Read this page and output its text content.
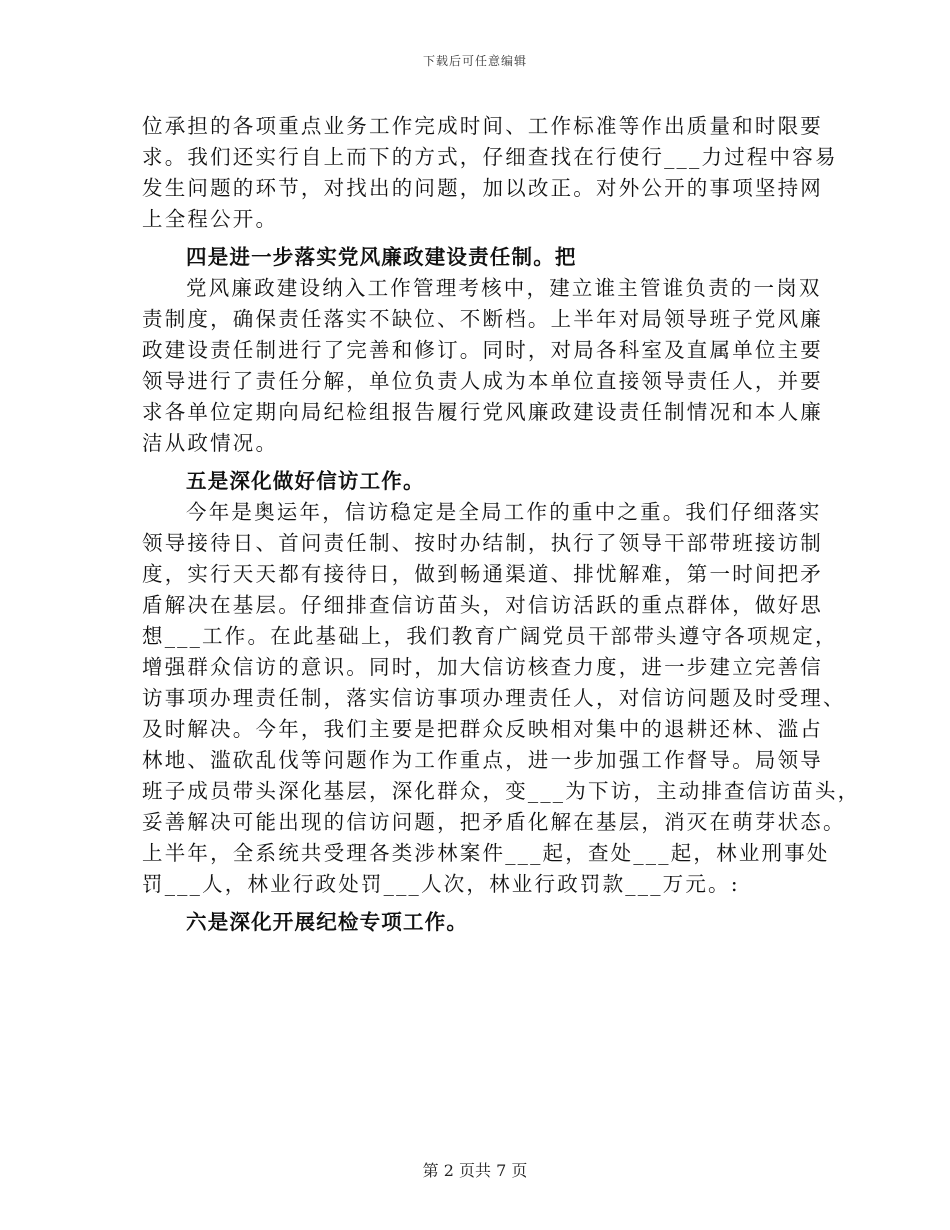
下载后可任意编辑
位承担的各项重点业务工作完成时间、工作标准等作出质量和时限要
求。我们还实行自上而下的方式，仔细查找在行使行___力过程中容易
发生问题的环节，对找出的问题，加以改正。对外公开的事项坚持网
上全程公开。
四是进一步落实党风廉政建设责任制。把
党风廉政建设纳入工作管理考核中，建立谁主管谁负责的一岗双
责制度，确保责任落实不缺位、不断档。上半年对局领导班子党风廉
政建设责任制进行了完善和修订。同时，对局各科室及直属单位主要
领导进行了责任分解，单位负责人成为本单位直接领导责任人，并要
求各单位定期向局纪检组报告履行党风廉政建设责任制情况和本人廉
洁从政情况。
五是深化做好信访工作。
今年是奥运年，信访稳定是全局工作的重中之重。我们仔细落实
领导接待日、首问责任制、按时办结制，执行了领导干部带班接访制
度，实行天天都有接待日，做到畅通渠道、排忧解难，第一时间把矛
盾解决在基层。仔细排查信访苗头，对信访活跃的重点群体，做好思
想___工作。在此基础上，我们教育广阔党员干部带头遵守各项规定，
增强群众信访的意识。同时，加大信访核查力度，进一步建立完善信
访事项办理责任制，落实信访事项办理责任人，对信访问题及时受理、
及时解决。今年，我们主要是把群众反映相对集中的退耕还林、滥占
林地、滥砍乱伐等问题作为工作重点，进一步加强工作督导。局领导
班子成员带头深化基层，深化群众，变___为下访，主动排查信访苗头，
妥善解决可能出现的信访问题，把矛盾化解在基层，消灭在萌芽状态。
上半年，全系统共受理各类涉林案件___起，查处___起，林业刑事处
罚___人，林业行政处罚___人次，林业行政罚款___万元。:
六是深化开展纪检专项工作。
第 2 页共 7 页
